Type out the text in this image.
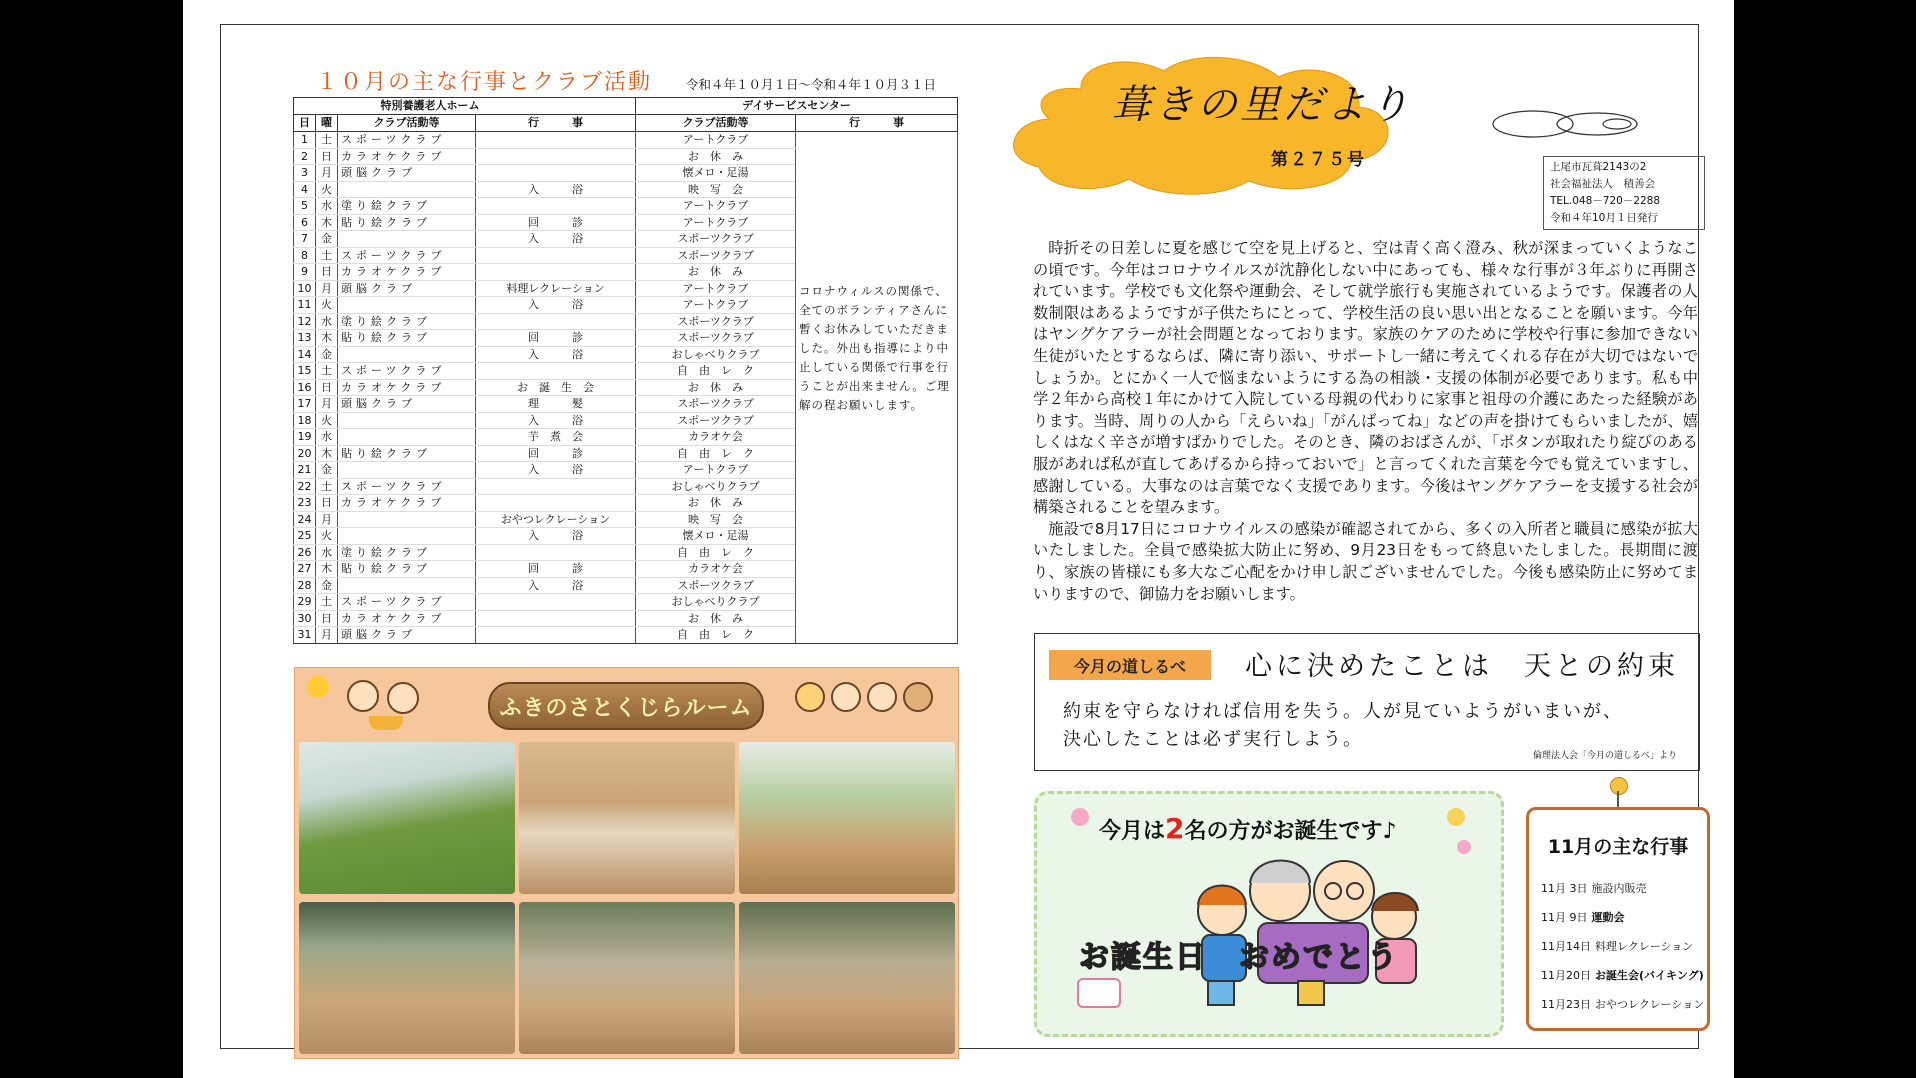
１０月の主な行事とクラブ活動	令和４年１０月１日～令和４年１０月３１日
			特別養護老人ホーム	デイサービスセンター	
日	曜	クラブ活動等	行　　　事	クラブ活動等	行　　　事
1	土	スポーツクラブ		アートクラブ	コロナウィルスの関係で、全てのボランティアさんに暫くお休みしていただきました。外出も指導により中止している関係で行事を行うことが出来ません。ご理解の程お願いします。
2	日	カラオケクラブ		お　休　み	
3	月	頭脳クラブ		懐メロ・足湯	
4	火		入　　　浴	映　写　会	
5	水	塗り絵クラブ		アートクラブ	
6	木	貼り絵クラブ	回　　　診	アートクラブ	
7	金		入　　　浴	スポーツクラブ	
8	土	スポーツクラブ		スポーツクラブ	
9	日	カラオケクラブ		お　休　み	
10	月	頭脳クラブ	料理レクレーション	アートクラブ	
11	火		入　　　浴	アートクラブ	
12	水	塗り絵クラブ		スポーツクラブ	
13	木	貼り絵クラブ	回　　　診	スポーツクラブ	
14	金		入　　　浴	おしゃべりクラブ	
15	土	スポーツクラブ		自　由　レ　ク	
16	日	カラオケクラブ	お　誕　生　会	お　休　み	
17	月	頭脳クラブ	理　　　髪	スポーツクラブ	
18	火		入　　　浴	スポーツクラブ	
19	水		芋　煮　会	カラオケ会	
20	木	貼り絵クラブ	回　　　診	自　由　レ　ク	
21	金		入　　　浴	アートクラブ	
22	土	スポーツクラブ		おしゃべりクラブ	
23	日	カラオケクラブ		お　休　み	
24	月		おやつレクレーション	映　写　会	
25	火		入　　　浴	懐メロ・足湯	
26	水	塗り絵クラブ		自　由　レ　ク	
27	木	貼り絵クラブ	回　　　診	カラオケ会	
28	金		入　　　浴	スポーツクラブ	
29	土	スポーツクラブ		おしゃべりクラブ	
30	日	カラオケクラブ		お　休　み	
31	月	頭脳クラブ		自　由　レ　ク	
ふきのさとくじらルーム
葺きの里だより
第２７５号	上尾市瓦葺2143の2
社会福祉法人　積善会
TEL.048－720－2288
令和４年10月１日発行

時折その日差しに夏を感じて空を見上げると、空は青く高く澄み、秋が深まっていくようなこの頃です。今年はコロナウイルスが沈静化しない中にあっても、様々な行事が３年ぶりに再開されています。学校でも文化祭や運動会、そして就学旅行も実施されているようです。保護者の人数制限はあるようですが子供たちにとって、学校生活の良い思い出となることを願います。今年はヤングケアラーが社会問題となっております。家族のケアのために学校や行事に参加できない生徒がいたとするならば、隣に寄り添い、サポートし一緒に考えてくれる存在が大切ではないでしょうか。とにかく一人で悩まないようにする為の相談・支援の体制が必要であります。私も中学２年から高校１年にかけて入院している母親の代わりに家事と祖母の介護にあたった経験があります。当時、周りの人から「えらいね」「がんばってね」などの声を掛けてもらいましたが、嬉しくはなく辛さが増すばかりでした。そのとき、隣のおばさんが、「ボタンが取れたり綻びのある服があれば私が直してあげるから持っておいで」と言ってくれた言葉を今でも覚えていますし、感謝している。大事なのは言葉でなく支援であります。今後はヤングケアラーを支援する社会が構築されることを望みます。

施設で8月17日にコロナウイルスの感染が確認されてから、多くの入所者と職員に感染が拡大いたしました。全員で感染拡大防止に努め、9月23日をもって終息いたしました。長期間に渡り、家族の皆様にも多大なご心配をかけ申し訳ございませんでした。今後も感染防止に努めてまいりますので、御協力をお願いします。

今月の道しるべ	心に決めたことは　天との約束
約束を守らなければ信用を失う。人が見ていようがいまいが、
決心したことは必ず実行しよう。
倫理法人会「今月の道しるべ」より
今月は2名の方がお誕生です♪
お誕生日　おめでとう
11月の主な行事
11月 3日 施設内販売
11月 9日 運動会
11月14日 料理レクレーション
11月20日 お誕生会(バイキング)
11月23日 おやつレクレーション
